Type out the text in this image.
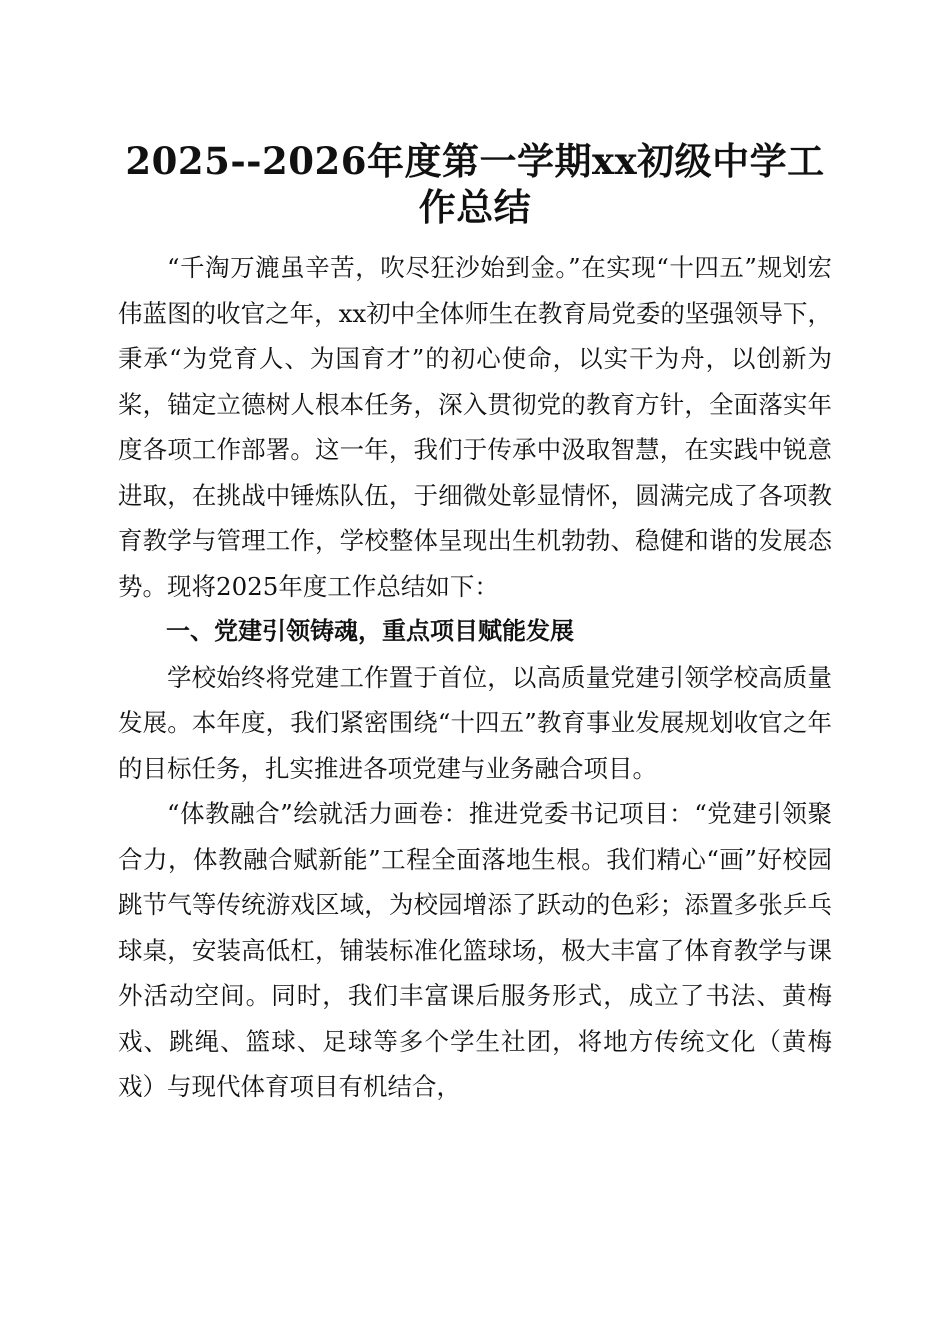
2025--2026年度第一学期xx初级中学工作总结

“千淘万漉虽辛苦，吹尽狂沙始到金。”在实现“十四五”规划宏伟蓝图的收官之年，xx初中全体师生在教育局党委的坚强领导下，秉承“为党育人、为国育才”的初心使命，以实干为舟，以创新为桨，锚定立德树人根本任务，深入贯彻党的教育方针，全面落实年度各项工作部署。这一年，我们于传承中汲取智慧，在实践中锐意进取，在挑战中锤炼队伍，于细微处彰显情怀，圆满完成了各项教育教学与管理工作，学校整体呈现出生机勃勃、稳健和谐的发展态势。现将2025年度工作总结如下：

一、党建引领铸魂，重点项目赋能发展

学校始终将党建工作置于首位，以高质量党建引领学校高质量发展。本年度，我们紧密围绕“十四五”教育事业发展规划收官之年的目标任务，扎实推进各项党建与业务融合项目。

“体教融合”绘就活力画卷：推进党委书记项目：“党建引领聚合力，体教融合赋新能”工程全面落地生根。我们精心“画”好校园跳节气等传统游戏区域，为校园增添了跃动的色彩；添置多张乒乓球桌，安装高低杠，铺装标准化篮球场，极大丰富了体育教学与课外活动空间。同时，我们丰富课后服务形式，成立了书法、黄梅戏、跳绳、篮球、足球等多个学生社团，将地方传统文化（黄梅戏）与现代体育项目有机结合，
